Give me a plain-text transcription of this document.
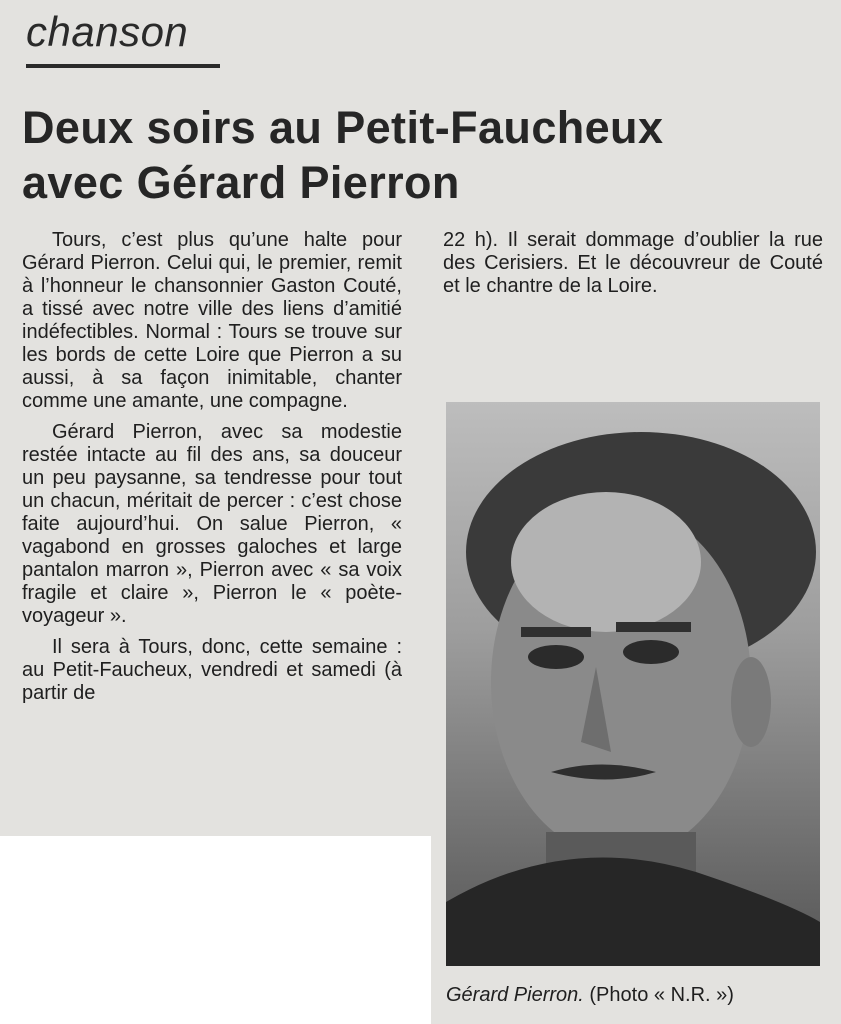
chanson
Deux soirs au Petit-Faucheux
avec Gérard Pierron

Tours, c’est plus qu’une halte pour Gérard Pierron. Celui qui, le premier, remit à l’honneur le chansonnier Gaston Couté, a tissé avec notre ville des liens d’amitié indéfectibles. Normal : Tours se trouve sur les bords de cette Loire que Pierron a su aussi, à sa façon inimitable, chanter comme une amante, une compagne.

Gérard Pierron, avec sa modestie restée intacte au fil des ans, sa douceur un peu paysanne, sa tendresse pour tout un chacun, méritait de percer : c’est chose faite aujourd’hui. On salue Pierron, « vagabond en grosses galoches et large pantalon marron », Pierron avec « sa voix fragile et claire », Pierron le « poète-voyageur ».

Il sera à Tours, donc, cette semaine : au Petit-Faucheux, vendredi et samedi (à partir de

22 h). Il serait dommage d’oublier la rue des Cerisiers. Et le découvreur de Couté et le chantre de la Loire.

Gérard Pierron. (Photo « N.R. »)
